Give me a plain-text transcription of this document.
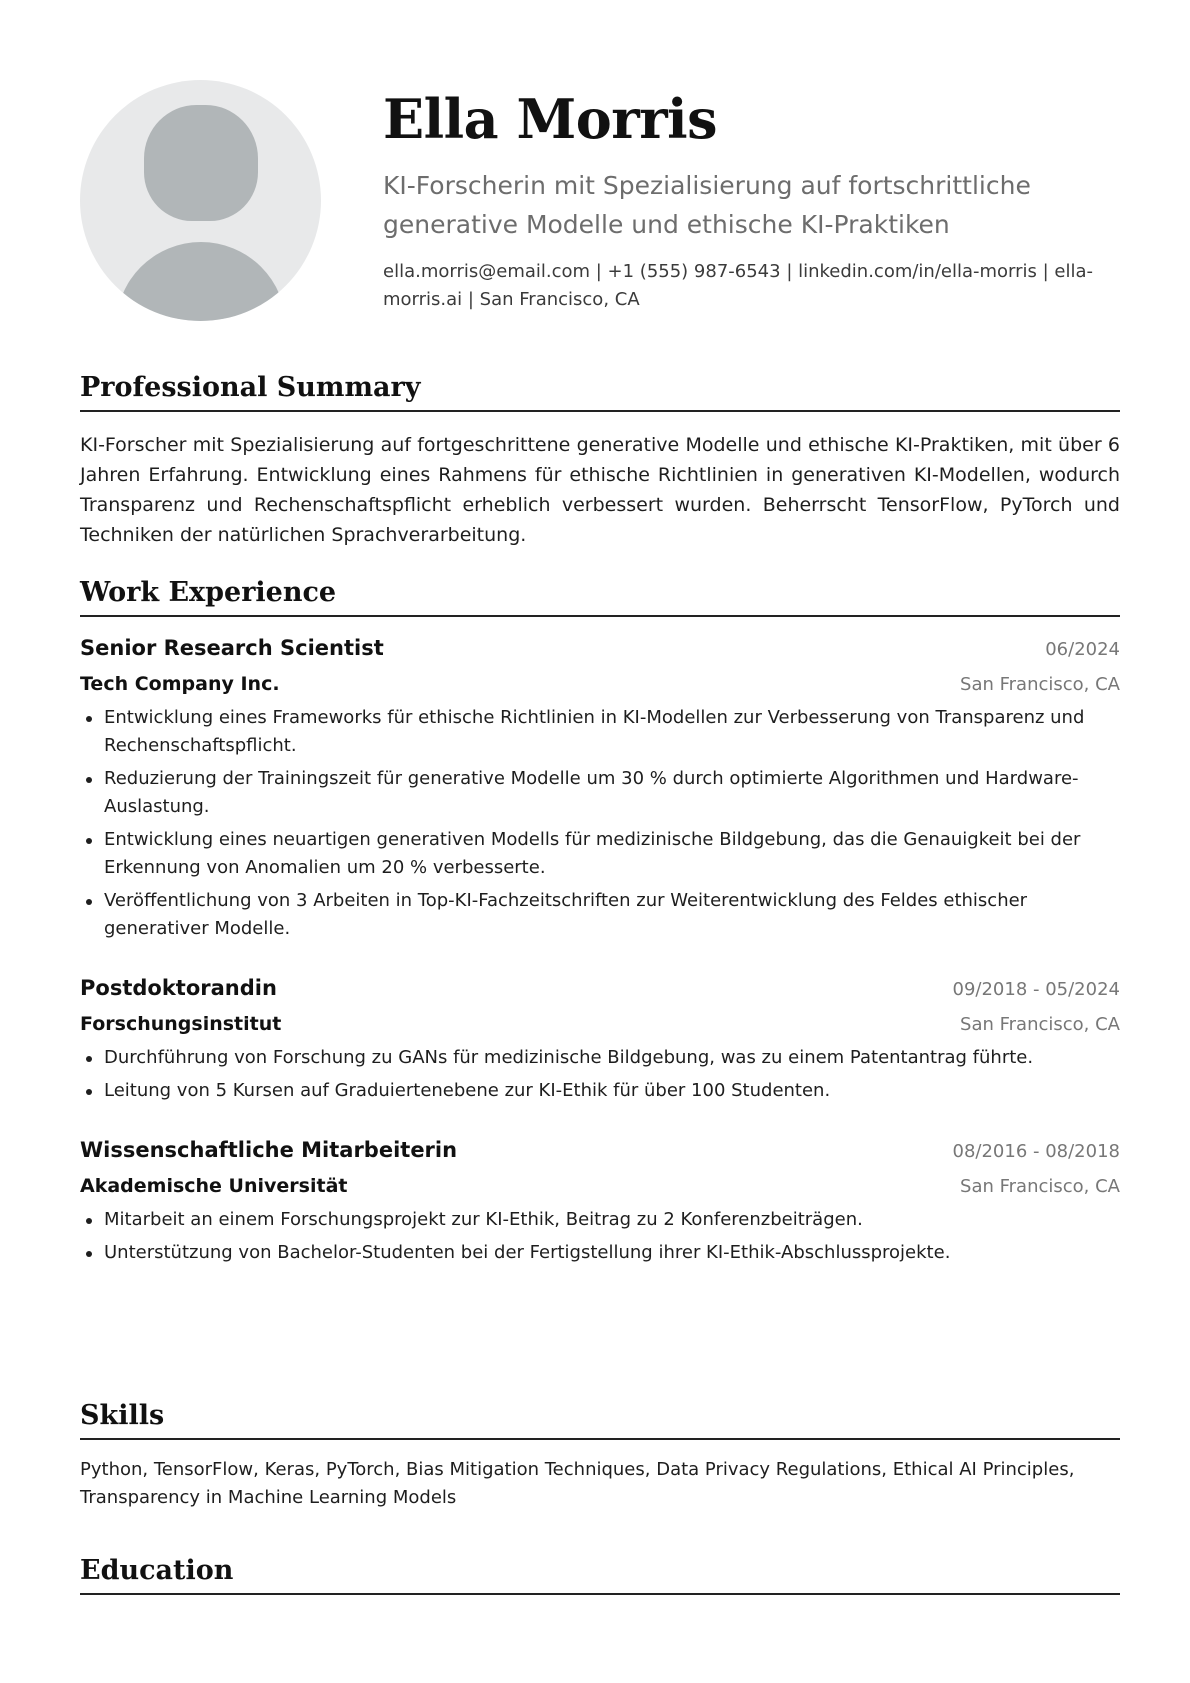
Ella Morris
KI-Forscherin mit Spezialisierung auf fortschrittliche generative Modelle und ethische KI-Praktiken
ella.morris@email.com | +1 (555) 987-6543 | linkedin.com/in/ella-morris | ella-morris.ai | San Francisco, CA
Professional Summary
KI-Forscher mit Spezialisierung auf fortgeschrittene generative Modelle und ethische KI-Praktiken, mit über 6 Jahren Erfahrung. Entwicklung eines Rahmens für ethische Richtlinien in generativen KI-Modellen, wodurch Transparenz und Rechenschaftspflicht erheblich verbessert wurden. Beherrscht TensorFlow, PyTorch und Techniken der natürlichen Sprachverarbeitung.
Work Experience
Senior Research Scientist	06/2024
Tech Company Inc.	San Francisco, CA
Entwicklung eines Frameworks für ethische Richtlinien in KI-Modellen zur Verbesserung von Transparenz und Rechenschaftspflicht.
Reduzierung der Trainingszeit für generative Modelle um 30 % durch optimierte Algorithmen und Hardware-Auslastung.
Entwicklung eines neuartigen generativen Modells für medizinische Bildgebung, das die Genauigkeit bei der Erkennung von Anomalien um 20 % verbesserte.
Veröffentlichung von 3 Arbeiten in Top-KI-Fachzeitschriften zur Weiterentwicklung des Feldes ethischer generativer Modelle.
Postdoktorandin	09/2018 - 05/2024
Forschungsinstitut	San Francisco, CA
Durchführung von Forschung zu GANs für medizinische Bildgebung, was zu einem Patentantrag führte.
Leitung von 5 Kursen auf Graduiertenebene zur KI-Ethik für über 100 Studenten.
Wissenschaftliche Mitarbeiterin	08/2016 - 08/2018
Akademische Universität	San Francisco, CA
Mitarbeit an einem Forschungsprojekt zur KI-Ethik, Beitrag zu 2 Konferenzbeiträgen.
Unterstützung von Bachelor-Studenten bei der Fertigstellung ihrer KI-Ethik-Abschlussprojekte.
Skills
Python, TensorFlow, Keras, PyTorch, Bias Mitigation Techniques, Data Privacy Regulations, Ethical AI Principles, Transparency in Machine Learning Models
Education
